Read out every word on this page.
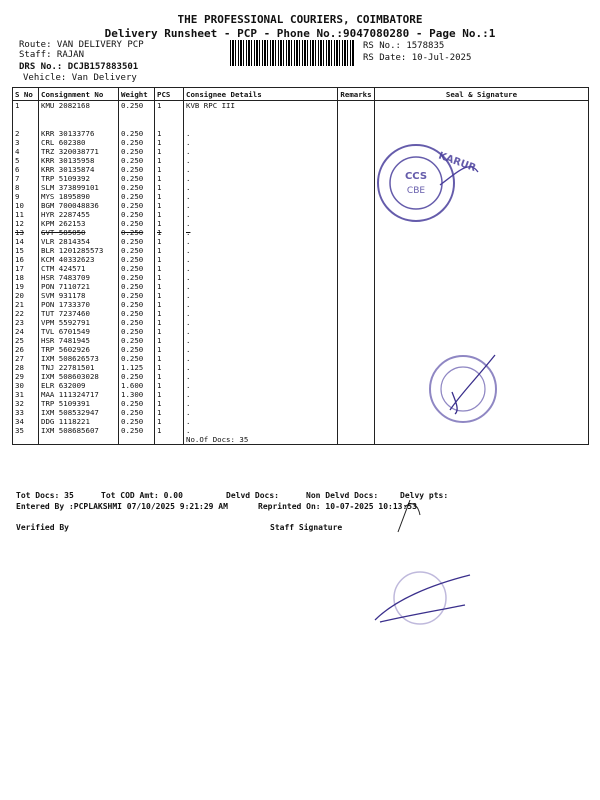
THE PROFESSIONAL COURIERS, COIMBATORE
Delivery Runsheet - PCP - Phone No.:9047080280 - Page No.:1
Route: VAN DELIVERY PCP
Staff: RAJAN
DRS No.: DCJB157883501
Vehicle: Van Delivery
RS No.: 1578835
RS Date: 10-Jul-2025
S No	Consignment No	Weight	PCS	Consignee Details	Remarks	Seal & Signature
1	KMU 2082168	0.250	1	KVB RPC III		
2	KRR 30133776	0.250	1	.		
3	CRL 602380	0.250	1	.		
4	TRZ 320038771	0.250	1	.		
5	KRR 30135958	0.250	1	.		
6	KRR 30135874	0.250	1	.		
7	TRP 5109392	0.250	1	.		
8	SLM 373899101	0.250	1	.		
9	MYS 1895890	0.250	1	.		
10	BGM 700048836	0.250	1	.		
11	HYR 2287455	0.250	1	.		
12	KPM 262153	0.250	1	.		
13	GVT 585050	0.250	1	.		
14	VLR 2814354	0.250	1	.		
15	BLR 1201285573	0.250	1	.		
16	KCM 40332623	0.250	1	.		
17	CTM 424571	0.250	1	.		
18	HSR 7483709	0.250	1	.		
19	PON 7110721	0.250	1	.		
20	SVM 931178	0.250	1	.		
21	PON 1733370	0.250	1	.		
22	TUT 7237460	0.250	1	.		
23	VPM 5592791	0.250	1	.		
24	TVL 6701549	0.250	1	.		
25	HSR 7481945	0.250	1	.		
26	TRP 5602926	0.250	1	.		
27	IXM 508626573	0.250	1	.		
28	TNJ 22781501	1.125	1	.		
29	IXM 508603028	0.250	1	.		
30	ELR 632009	1.600	1	.		
31	MAA 111324717	1.300	1	.		
32	TRP 5109391	0.250	1	.		
33	IXM 508532947	0.250	1	.		
34	DDG 1118221	0.250	1	.		
35	IXM 508685607	0.250	1	.		
				No.Of Docs: 35		
CCS
CBE
KARUR
Tot Docs: 35	Tot COD Amt: 0.00	Delvd Docs:	Non Delvd Docs:	Delvy pts:
Entered By :PCPLAKSHMI 07/10/2025 9:21:29 AM	Reprinted On: 10-07-2025 10:13:53
Verified By	Staff Signature
